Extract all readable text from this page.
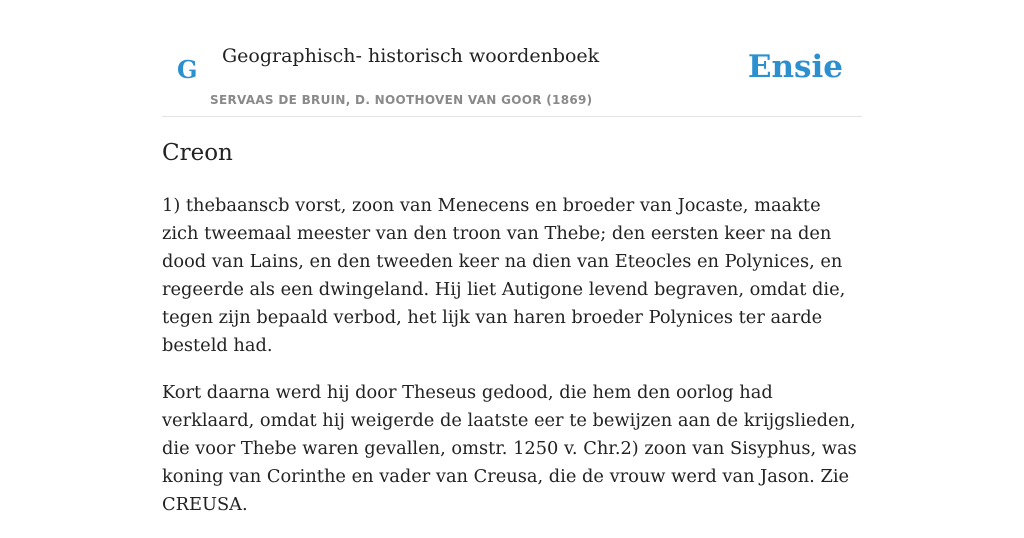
G Geographisch- historisch woordenboek
SERVAAS DE BRUIN, D. NOOTHOVEN VAN GOOR (1869)
Ensie
Creon

1) thebaanscb vorst, zoon van Menecens en broeder van Jocaste, maakte zich tweemaal meester van den troon van Thebe; den eersten keer na den dood van Lains, en den tweeden keer na dien van Eteocles en Polynices, en regeerde als een dwingeland. Hij liet Autigone levend begraven, omdat die, tegen zijn bepaald verbod, het lijk van haren broeder Polynices ter aarde besteld had.

Kort daarna werd hij door Theseus gedood, die hem den oorlog had verklaard, omdat hij weigerde de laatste eer te bewijzen aan de krijgslieden, die voor Thebe waren gevallen, omstr. 1250 v. Chr.2) zoon van Sisyphus, was koning van Corinthe en vader van Creusa, die de vrouw werd van Jason. Zie CREUSA.
